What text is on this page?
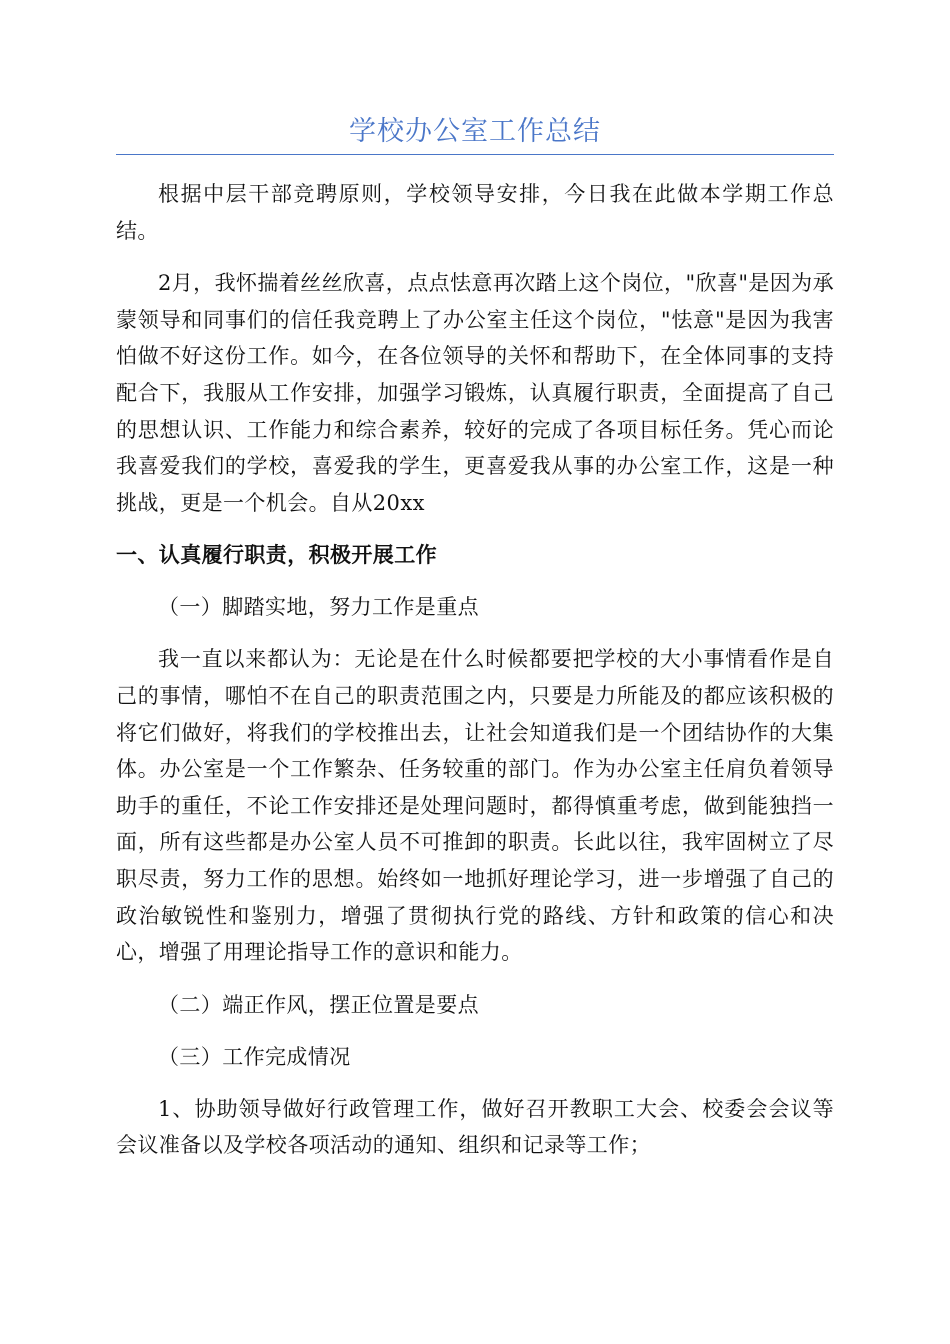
学校办公室工作总结

根据中层干部竞聘原则，学校领导安排，今日我在此做本学期工作总结。

2月，我怀揣着丝丝欣喜，点点怯意再次踏上这个岗位，"欣喜"是因为承蒙领导和同事们的信任我竞聘上了办公室主任这个岗位，"怯意"是因为我害怕做不好这份工作。如今，在各位领导的关怀和帮助下，在全体同事的支持配合下，我服从工作安排，加强学习锻炼，认真履行职责，全面提高了自己的思想认识、工作能力和综合素养，较好的完成了各项目标任务。凭心而论我喜爱我们的学校，喜爱我的学生，更喜爱我从事的办公室工作，这是一种挑战，更是一个机会。自从20xx

一、认真履行职责，积极开展工作

（一）脚踏实地，努力工作是重点

我一直以来都认为：无论是在什么时候都要把学校的大小事情看作是自己的事情，哪怕不在自己的职责范围之内，只要是力所能及的都应该积极的将它们做好，将我们的学校推出去，让社会知道我们是一个团结协作的大集体。办公室是一个工作繁杂、任务较重的部门。作为办公室主任肩负着领导助手的重任，不论工作安排还是处理问题时，都得慎重考虑，做到能独挡一面，所有这些都是办公室人员不可推卸的职责。长此以往，我牢固树立了尽职尽责，努力工作的思想。始终如一地抓好理论学习，进一步增强了自己的政治敏锐性和鉴别力，增强了贯彻执行党的路线、方针和政策的信心和决心，增强了用理论指导工作的意识和能力。

（二）端正作风，摆正位置是要点

（三）工作完成情况

1、协助领导做好行政管理工作，做好召开教职工大会、校委会会议等会议准备以及学校各项活动的通知、组织和记录等工作；
